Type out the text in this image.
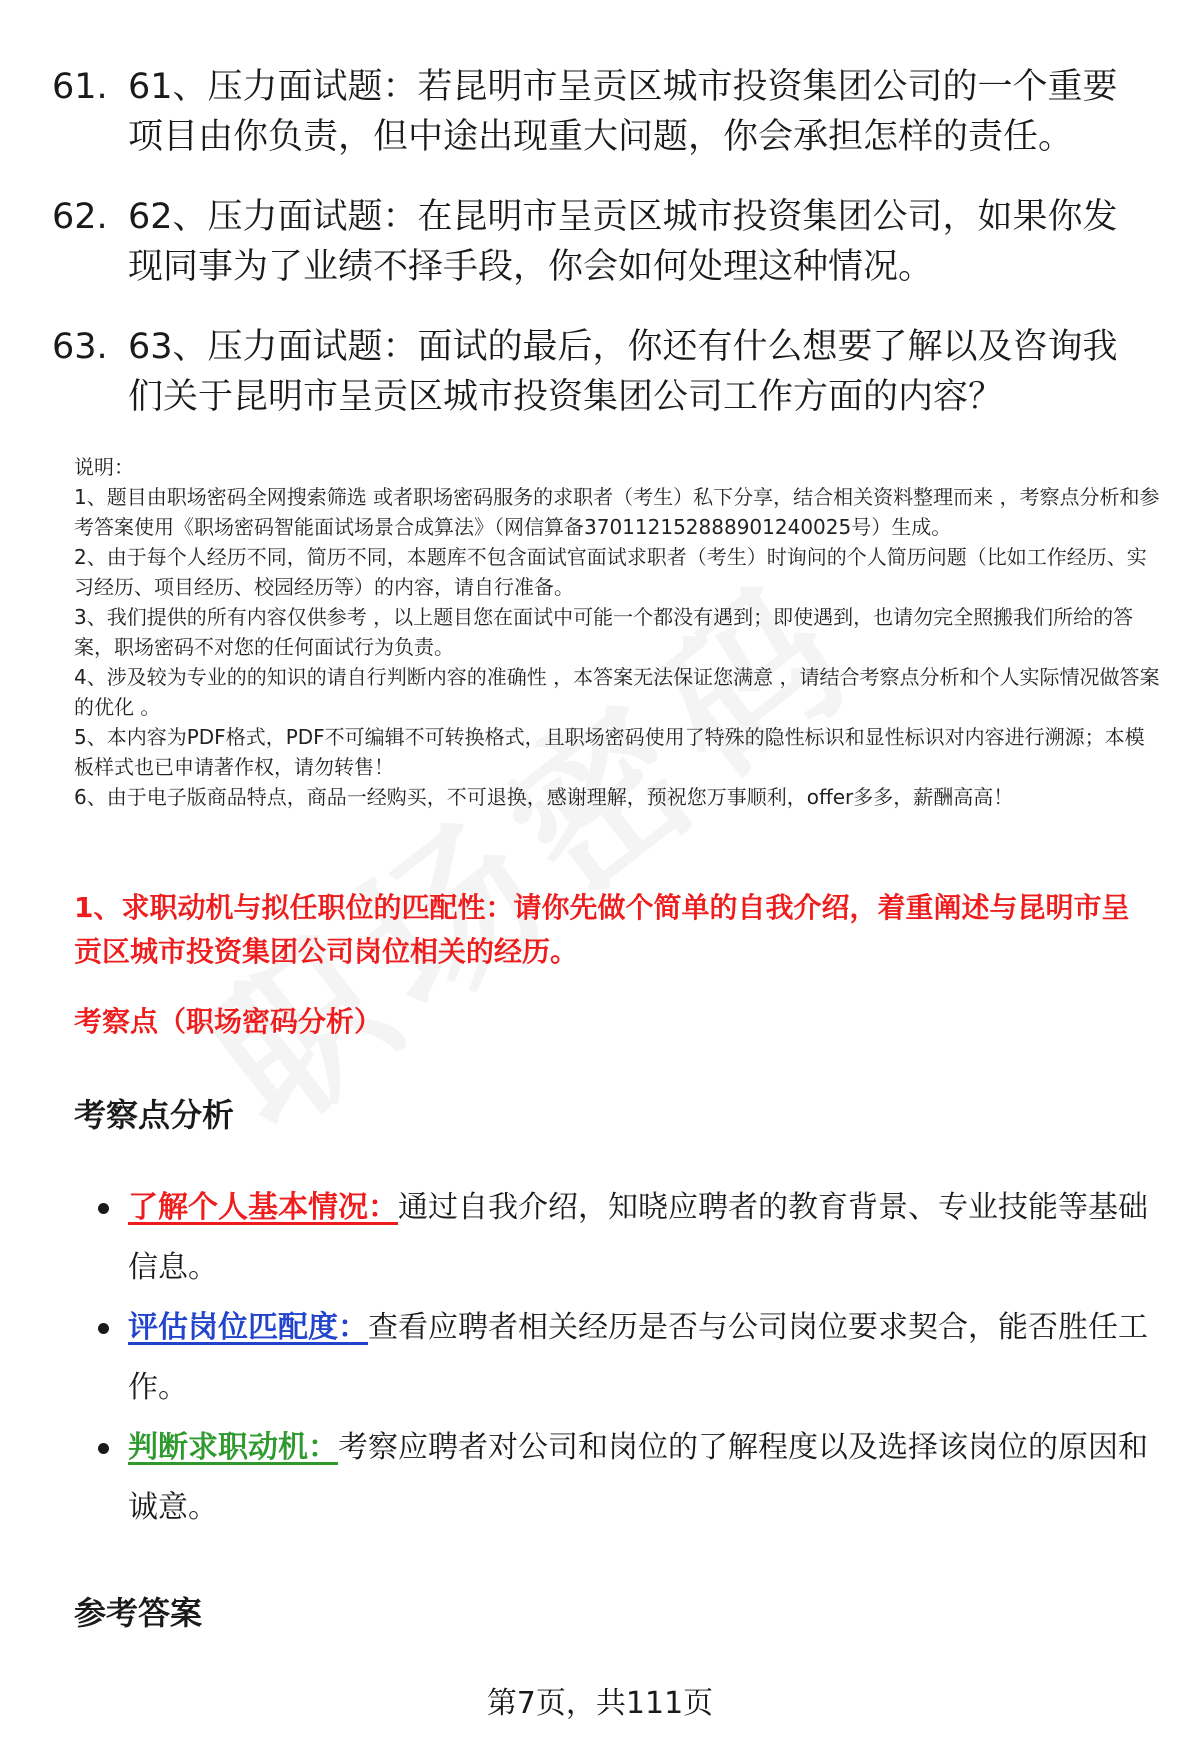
61. 61、压力面试题：若昆明市呈贡区城市投资集团公司的一个重要项目由你负责，但中途出现重大问题，你会承担怎样的责任。
62. 62、压力面试题：在昆明市呈贡区城市投资集团公司，如果你发现同事为了业绩不择手段，你会如何处理这种情况。
63. 63、压力面试题：面试的最后，你还有什么想要了解以及咨询我们关于昆明市呈贡区城市投资集团公司工作方面的内容？

说明：

1、题目由职场密码全网搜索筛选 或者职场密码服务的求职者（考生）私下分享，结合相关资料整理而来 ，考察点分析和参考答案使用《职场密码智能面试场景合成算法》（网信算备370112152888901240025号）生成。

2、由于每个人经历不同，简历不同，本题库不包含面试官面试求职者（考生）时询问的个人简历问题（比如工作经历、实习经历、项目经历、校园经历等）的内容，请自行准备。

3、我们提供的所有内容仅供参考 ，以上题目您在面试中可能一个都没有遇到；即使遇到，也请勿完全照搬我们所给的答案，职场密码不对您的任何面试行为负责。

4、涉及较为专业的的知识的请自行判断内容的准确性 ，本答案无法保证您满意 ，请结合考察点分析和个人实际情况做答案的优化 。

5、本内容为PDF格式，PDF不可编辑不可转换格式，且职场密码使用了特殊的隐性标识和显性标识对内容进行溯源；本模板样式也已申请著作权，请勿转售！

6、由于电子版商品特点，商品一经购买，不可退换，感谢理解，预祝您万事顺利，offer多多，薪酬高高！

1、求职动机与拟任职位的匹配性：请你先做个简单的自我介绍，着重阐述与昆明市呈贡区城市投资集团公司岗位相关的经历。
考察点（职场密码分析）
考察点分析
了解个人基本情况：通过自我介绍，知晓应聘者的教育背景、专业技能等基础信息。
评估岗位匹配度：查看应聘者相关经历是否与公司岗位要求契合，能否胜任工作。
判断求职动机：考察应聘者对公司和岗位的了解程度以及选择该岗位的原因和诚意。
参考答案
第7页，共111页
